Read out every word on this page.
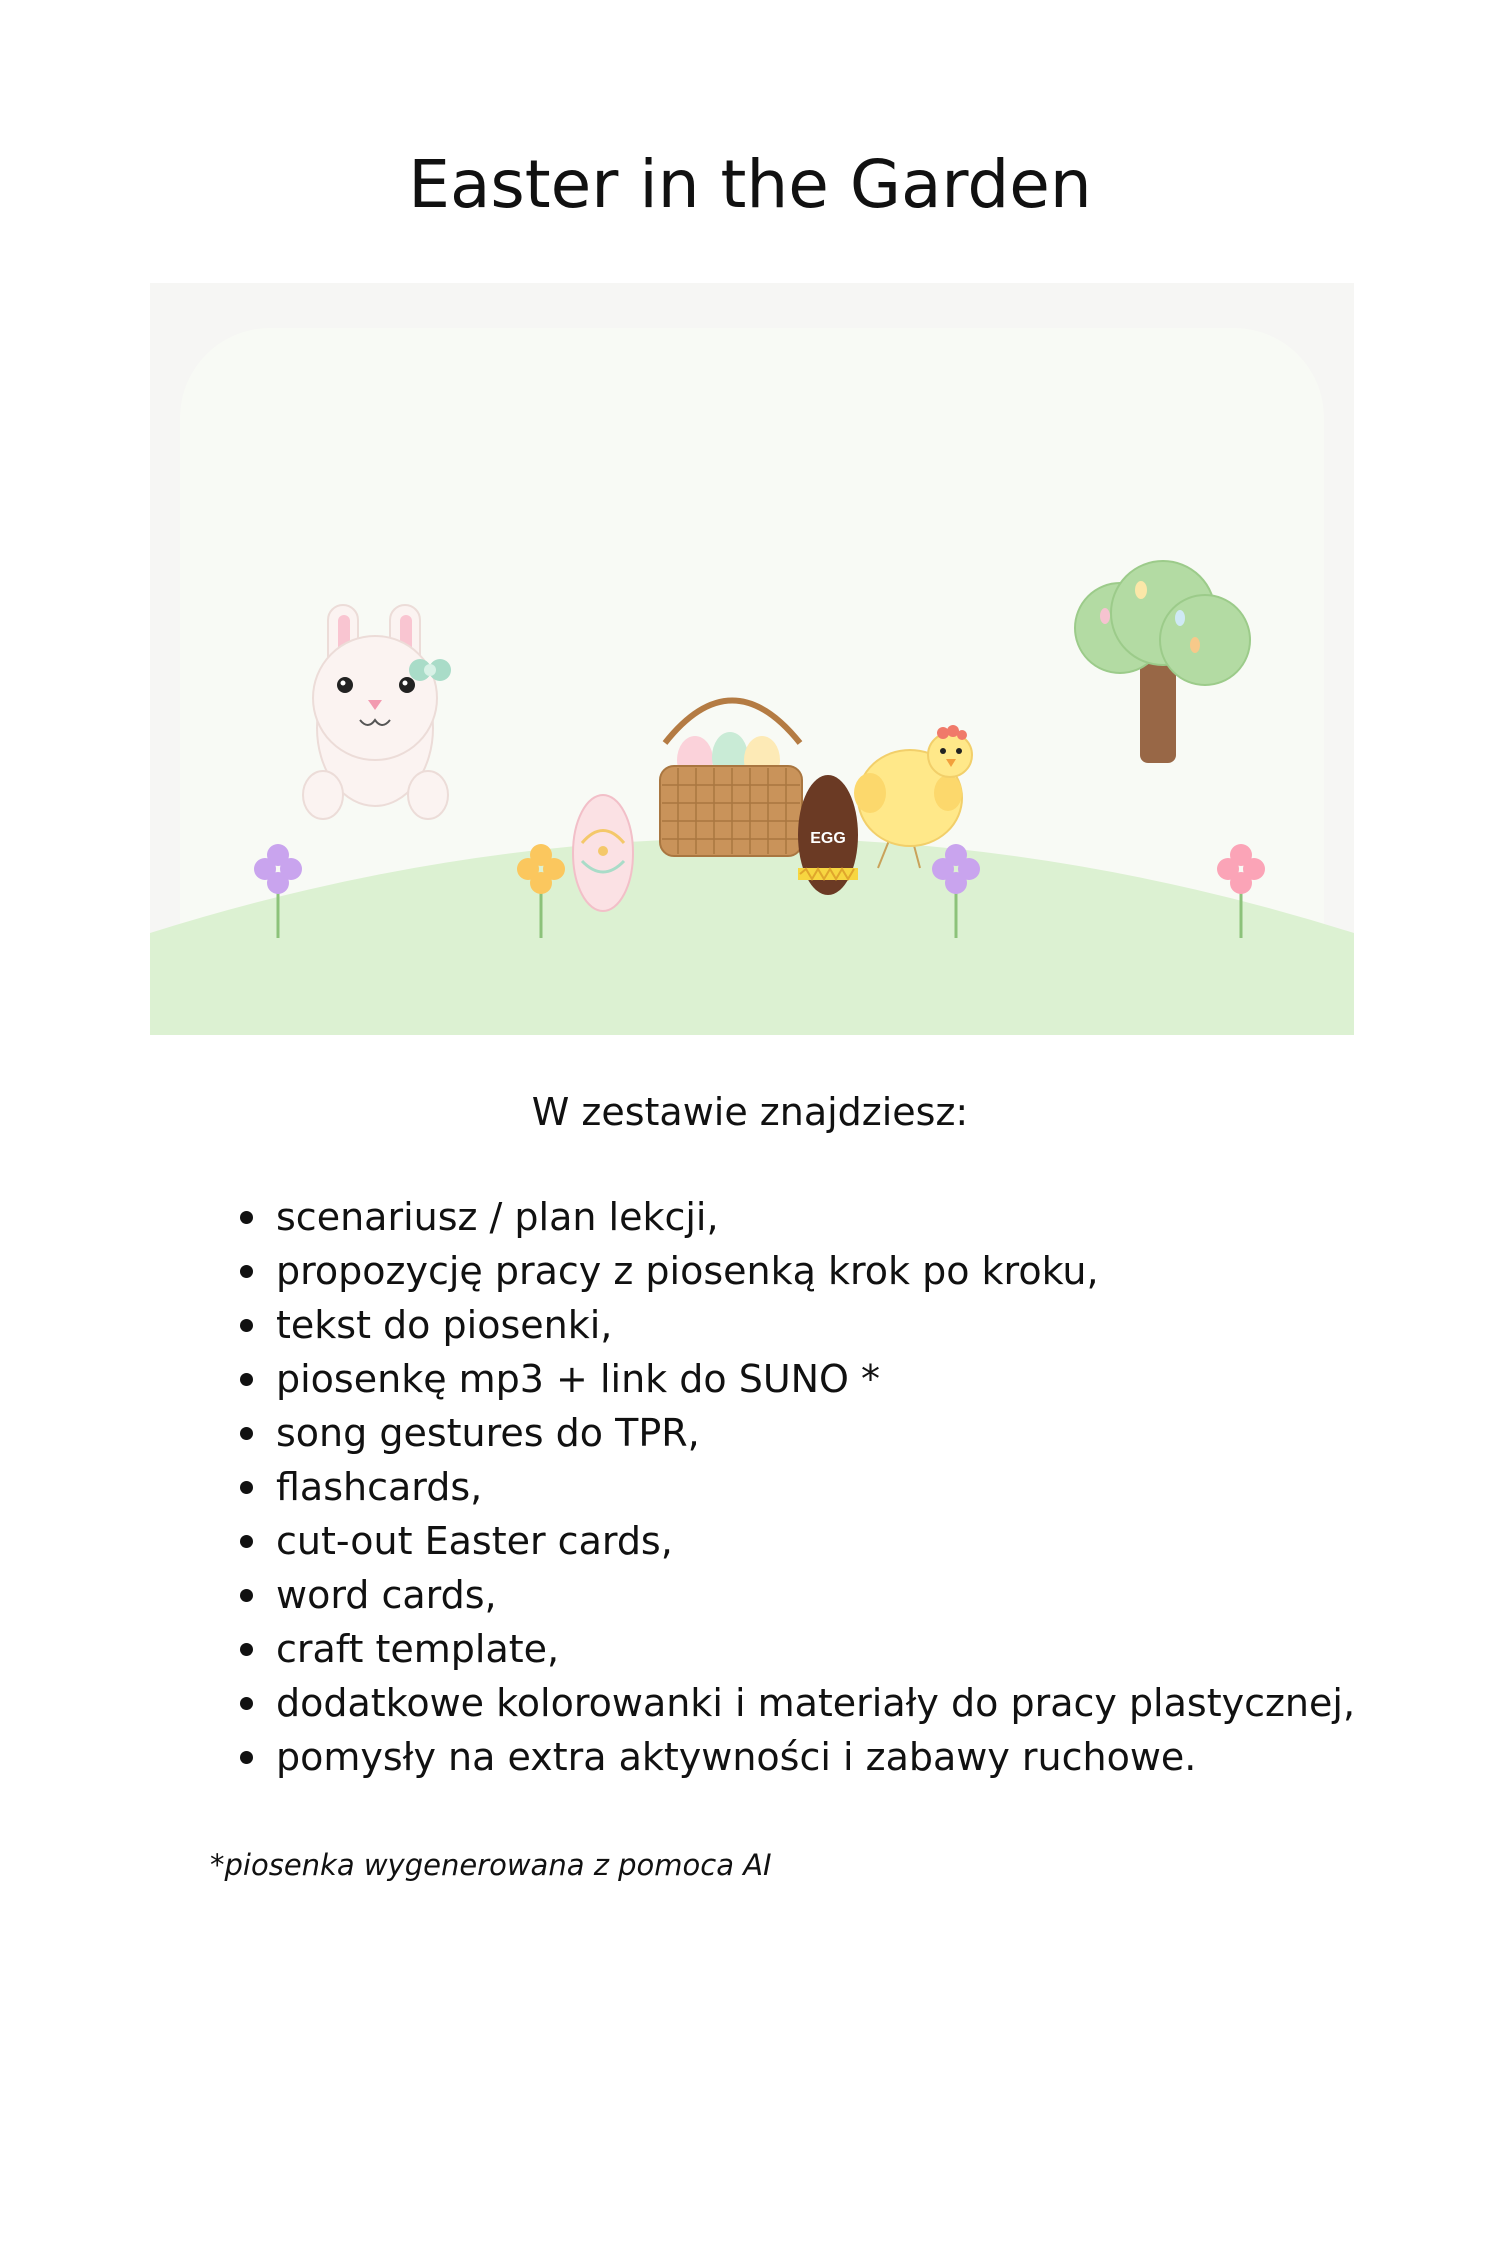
Easter in the Garden
EGG
W zestawie znajdziesz:
scenariusz / plan lekcji,
propozycję pracy z piosenką krok po kroku,
tekst do piosenki,
piosenkę mp3 + link do SUNO *
song gestures do TPR,
flashcards,
cut-out Easter cards,
word cards,
craft template,
dodatkowe kolorowanki i materiały do pracy plastycznej,
pomysły na extra aktywności i zabawy ruchowe.
*piosenka wygenerowana z pomoca AI
